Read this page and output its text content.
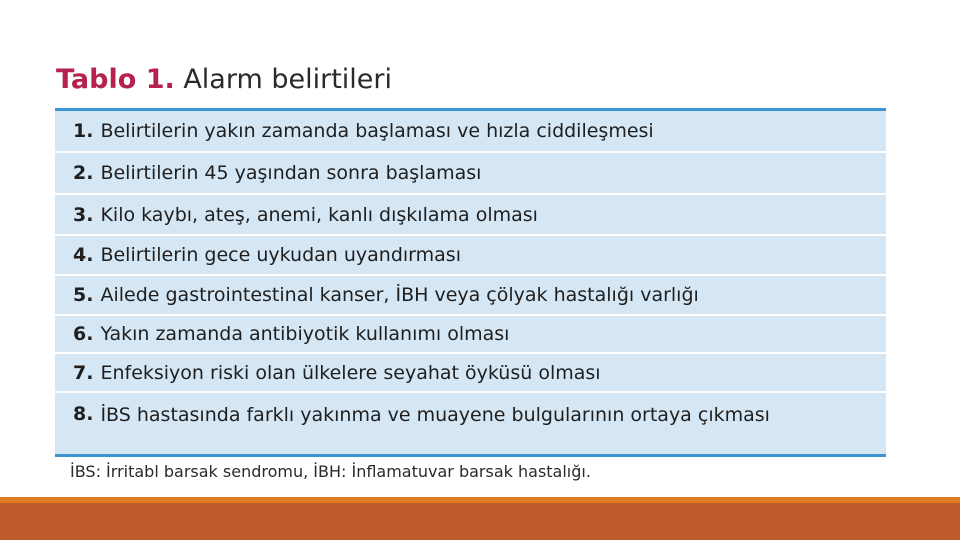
Tablo 1. Alarm belirtileri
1. Belirtilerin yakın zamanda başlaması ve hızla ciddileşmesi
2. Belirtilerin 45 yaşından sonra başlaması
3. Kilo kaybı, ateş, anemi, kanlı dışkılama olması
4. Belirtilerin gece uykudan uyandırması
5. Ailede gastrointestinal kanser, İBH veya çölyak hastalığı varlığı
6. Yakın zamanda antibiyotik kullanımı olması
7. Enfeksiyon riski olan ülkelere seyahat öyküsü olması
8. İBS hastasında farklı yakınma ve muayene bulgularının ortaya çıkması
İBS: İrritabl barsak sendromu, İBH: İnflamatuvar barsak hastalığı.
